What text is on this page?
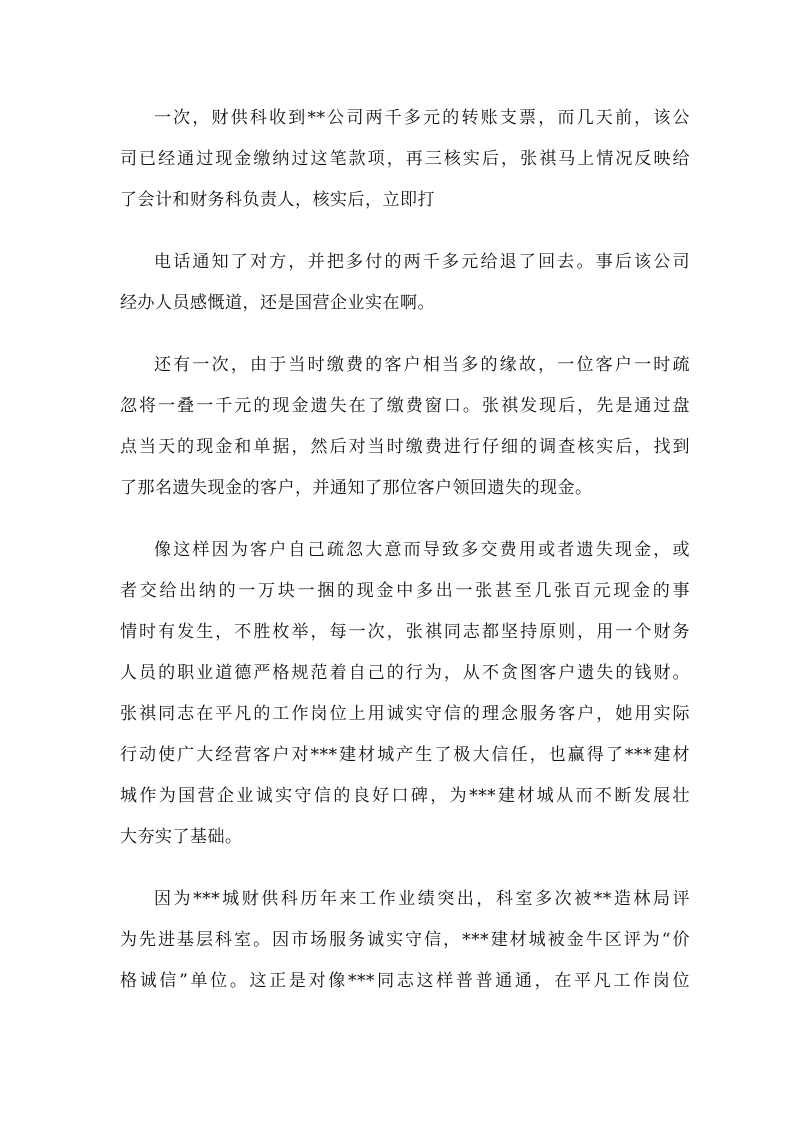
一次，财供科收到**公司两千多元的转账支票，而几天前，该公
司已经通过现金缴纳过这笔款项，再三核实后，张祺马上情况反映给
了会计和财务科负责人，核实后，立即打
电话通知了对方，并把多付的两千多元给退了回去。事后该公司
经办人员感慨道，还是国营企业实在啊。
还有一次，由于当时缴费的客户相当多的缘故，一位客户一时疏
忽将一叠一千元的现金遗失在了缴费窗口。张祺发现后，先是通过盘
点当天的现金和单据，然后对当时缴费进行仔细的调查核实后，找到
了那名遗失现金的客户，并通知了那位客户领回遗失的现金。
像这样因为客户自己疏忽大意而导致多交费用或者遗失现金，或
者交给出纳的一万块一捆的现金中多出一张甚至几张百元现金的事
情时有发生，不胜枚举，每一次，张祺同志都坚持原则，用一个财务
人员的职业道德严格规范着自己的行为，从不贪图客户遗失的钱财。
张祺同志在平凡的工作岗位上用诚实守信的理念服务客户，她用实际
行动使广大经营客户对***建材城产生了极大信任，也赢得了***建材
城作为国营企业诚实守信的良好口碑，为***建材城从而不断发展壮
大夯实了基础。
因为***城财供科历年来工作业绩突出，科室多次被**造林局评
为先进基层科室。因市场服务诚实守信，***建材城被金牛区评为“价
格诚信”单位。这正是对像***同志这样普普通通，在平凡工作岗位
